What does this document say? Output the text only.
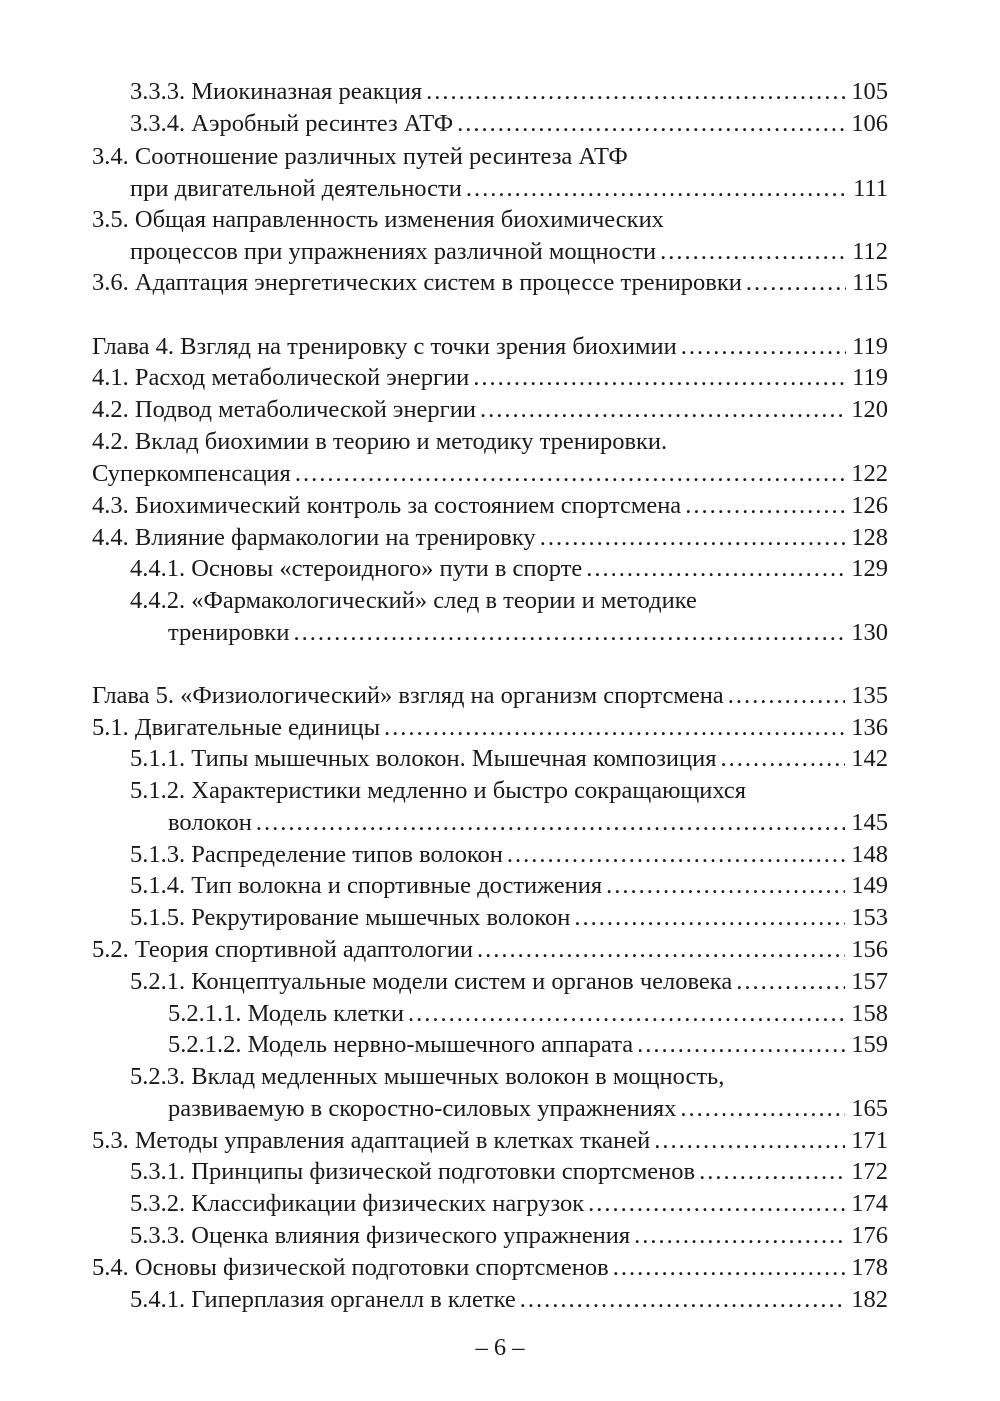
3.3.3. Миокиназная реакция .....	105
3.3.4. Аэробный ресинтез АТФ .....	106
3.4. Соотношение различных путей ресинтеза АТФ
при двигательной деятельности .....	111
3.5. Общая направленность изменения биохимических
процессов при упражнениях различной мощности .....	112
3.6. Адаптация энергетических систем в процессе тренировки .....	115
Глава 4. Взгляд на тренировку с точки зрения биохимии .....	119
4.1. Расход метаболической энергии .....	119
4.2. Подвод метаболической энергии .....	120
4.2. Вклад биохимии в теорию и методику тренировки.
Суперкомпенсация .....	122
4.3. Биохимический контроль за состоянием спортсмена .....	126
4.4. Влияние фармакологии на тренировку .....	128
4.4.1. Основы «стероидного» пути в спорте .....	129
4.4.2. «Фармакологический» след в теории и методике
тренировки .....	130
Глава 5. «Физиологический» взгляд на организм спортсмена .....	135
5.1. Двигательные единицы .....	136
5.1.1. Типы мышечных волокон. Мышечная композиция .....	142
5.1.2. Характеристики медленно и быстро сокращающихся
волокон .....	145
5.1.3. Распределение типов волокон .....	148
5.1.4. Тип волокна и спортивные достижения .....	149
5.1.5. Рекрутирование мышечных волокон .....	153
5.2. Теория спортивной адаптологии .....	156
5.2.1. Концептуальные модели систем и органов человека .....	157
5.2.1.1. Модель клетки .....	158
5.2.1.2. Модель нервно-мышечного аппарата .....	159
5.2.3. Вклад медленных мышечных волокон в мощность,
развиваемую в скоростно-силовых упражнениях .....	165
5.3. Методы управления адаптацией в клетках тканей .....	171
5.3.1. Принципы физической подготовки спортсменов .....	172
5.3.2. Классификации физических нагрузок .....	174
5.3.3. Оценка влияния физического упражнения .....	176
5.4. Основы физической подготовки спортсменов .....	178
5.4.1. Гиперплазия органелл в клетке .....	182
– 6 –
